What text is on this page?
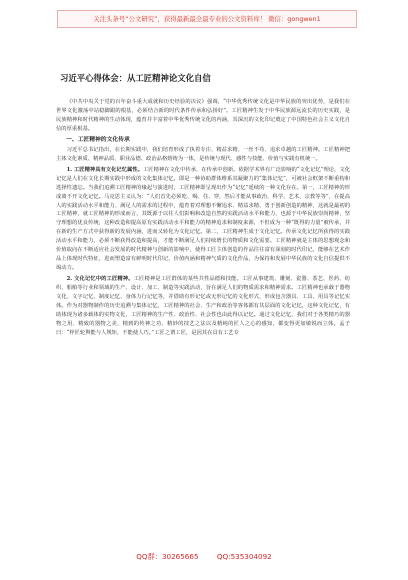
关注头条号“公文研究”，获得最新最全最专业的公文资料库！ 微信：gongwen1
习近平心得体会：从工匠精神论文化自信

《中共中央关于党的百年奋斗重大成就和历史经验的决议》强调，“中华优秀传统文化是中华民族的突出优势，是我们在世界文化激荡中站稳脚跟的根基，必须结合新的时代条件传承和弘扬好”。工匠精神生发于中华民族源远流长的历史实践，是民族精神和时代精神的生动体现，蕴育并丰富着中华优秀传统文化的内涵，其深沉的文化印记奠定了中国特色社会主义文化自信的厚重根基。

一、工匠精神的文化传承

习近平总书记指出，在长期实践中，我们培育形成了执着专注、精益求精、一丝不苟、追求卓越的工匠精神。工匠精神把主体文化素质、精神品质、职业品德、政治品格熔铸为一体，是传统与现代、感性与技能、价值与实践有机统一。

1. 工匠精神具有文化记忆属性。工匠精神在文化中传承，在传承中创新。依据学术界有广泛影响的“文化记忆”理论，文化记忆是人们在文化长期实践中形成的文化集体记忆，即是一种协助群体维系其凝聚力的“集体记忆”，可被社会框架不断重构和选择性遗忘。当我们追溯工匠精神的缘起与演进时，工匠精神即呈现出作为“记忆”延续的一种文化存在。第一，工匠精神的形成离不开文化记忆。马克思主义认为：“人们首先必须吃、喝、住、穿，然后才能从事政治、科学、艺术、宗教等等”，在提高人的实践活动水平和能力、满足人的需求的过程中，蕴育着对理想不懈追求、精益求精、勇于创新创造的精神，这就是最初的工匠精神，就工匠精神的形成而言，其既源于以往人们影响和改造自然的实践活动水平和能力，也源于中华民族崇尚精神、坚守理想的优良传统，这种改造和提高原有实践活动水平和能力的精神追求和制度来源，不但成为一种“既得的力量”被传承，并在新的生产方式中获得新的发展内涵，进而又转化为文化记忆。第二，工匠精神生成于文化记忆。传承文化记忆所获得的实践活动水平和能力，必须不断获得改造和提高，才能不断满足人们持续增长的物质和文化需要。工匠精神就是主体的思想观念和价值取向在不断适应社会发展的时代精神与创新的影响中，使得工匠主体创造的作品往往富有深刻的时代印记，能够在艺术作品上体现时代特征，进而塑造富有鲜明时代印记、价值内涵和精神气质的文化作品，为保持和发展中华民族的文化自信提供不竭动力。

2. 文化记忆中的工匠精神。工匠精神是工匠群体的某些共性品德和技能。工匠从事建筑、雕刻、瓷器、茶艺、医药、纺织、船舶等行业和领域的生产、设计、加工、制造等实践活动，旨在满足人们的物质需求和精神需求。工匠精神也承载于器物文化、文字记忆、制度记忆、身体力行记忆等，并借助有形记忆或无形记忆的文化形式，形成包含器具、工具、用具等记忆实体。作为对器物制作的历史追溯与集体记忆，工匠精神的社会、生产和政治等客体都有其层面的文化记忆，这种文化记忆，有助体现为诸多载体的实物文化，工匠精神的生产性、政治性、社会性也由此得以记忆。通过文化记忆，我们对于各类精巧的器物之用、精致的器物之美，精到的传神之功、精妙的技艺之法以及精纯的匠人之心的感知，都变得更加敏锐而立体。孟子曰：“梓匠轮舆能与人规矩，不能使人巧。”工匠之谓工匠，是因其在具有工艺专

QQ群：30265665	QQ:535304092
